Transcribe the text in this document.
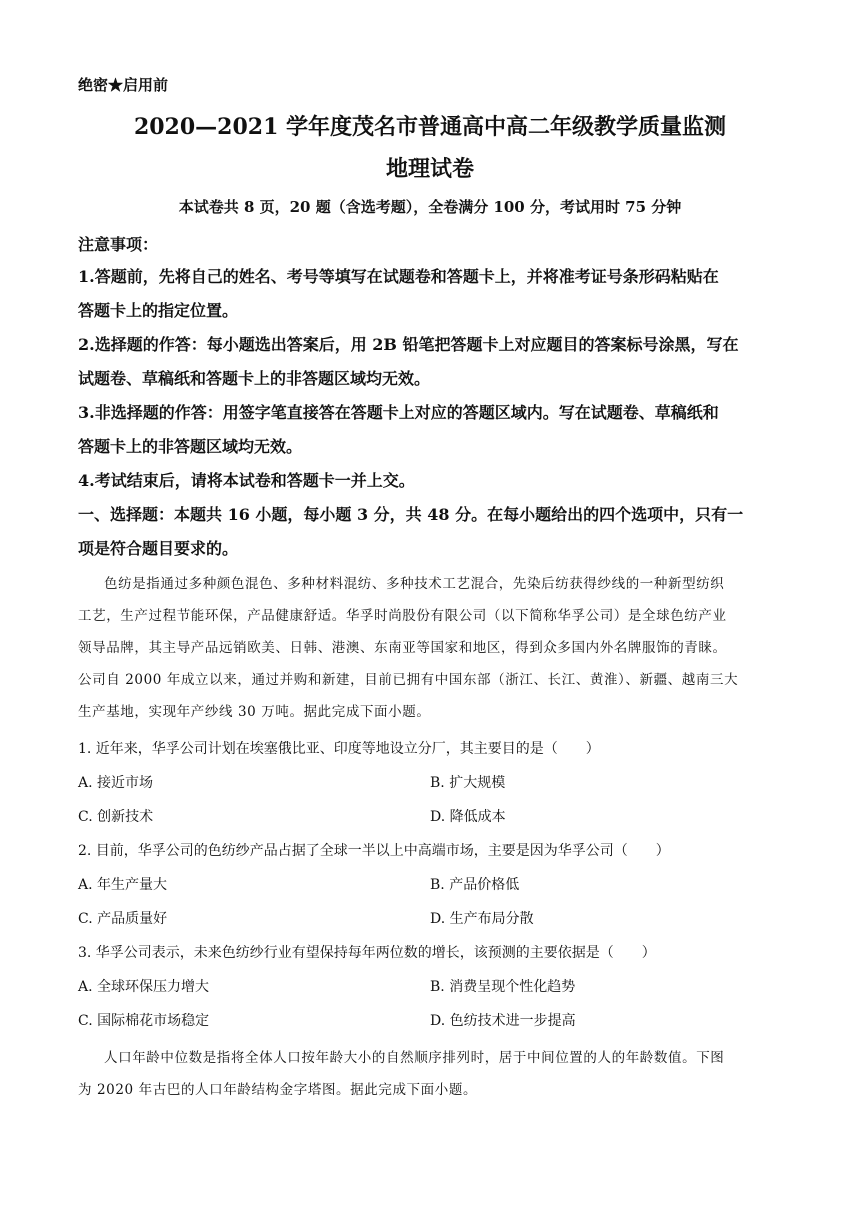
绝密★启用前
2020—2021 学年度茂名市普通高中高二年级教学质量监测
地理试卷
本试卷共 8 页，20 题（含选考题），全卷满分 100 分，考试用时 75 分钟
注意事项：
1.答题前，先将自己的姓名、考号等填写在试题卷和答题卡上，并将准考证号条形码粘贴在
答题卡上的指定位置。
2.选择题的作答：每小题选出答案后，用 2B 铅笔把答题卡上对应题目的答案标号涂黑，写在
试题卷、草稿纸和答题卡上的非答题区域均无效。
3.非选择题的作答：用签字笔直接答在答题卡上对应的答题区域内。写在试题卷、草稿纸和
答题卡上的非答题区域均无效。
4.考试结束后，请将本试卷和答题卡一并上交。
一、选择题：本题共 16 小题，每小题 3 分，共 48 分。在每小题给出的四个选项中，只有一
项是符合题目要求的。
色纺是指通过多种颜色混色、多种材料混纺、多种技术工艺混合，先染后纺获得纱线的一种新型纺织
工艺，生产过程节能环保，产品健康舒适。华孚时尚股份有限公司（以下简称华孚公司）是全球色纺产业
领导品牌，其主导产品远销欧美、日韩、港澳、东南亚等国家和地区，得到众多国内外名牌服饰的青睐。
公司自 2000 年成立以来，通过并购和新建，目前已拥有中国东部（浙江、长江、黄淮）、新疆、越南三大
生产基地，实现年产纱线 30 万吨。据此完成下面小题。
1. 近年来，华孚公司计划在埃塞俄比亚、印度等地设立分厂，其主要目的是（　　）
A. 接近市场	B. 扩大规模
C. 创新技术	D. 降低成本
2. 目前，华孚公司的色纺纱产品占据了全球一半以上中高端市场，主要是因为华孚公司（　　）
A. 年生产量大	B. 产品价格低
C. 产品质量好	D. 生产布局分散
3. 华孚公司表示，未来色纺纱行业有望保持每年两位数的增长，该预测的主要依据是（　　）
A. 全球环保压力增大	B. 消费呈现个性化趋势
C. 国际棉花市场稳定	D. 色纺技术进一步提高
人口年龄中位数是指将全体人口按年龄大小的自然顺序排列时，居于中间位置的人的年龄数值。下图
为 2020 年古巴的人口年龄结构金字塔图。据此完成下面小题。
